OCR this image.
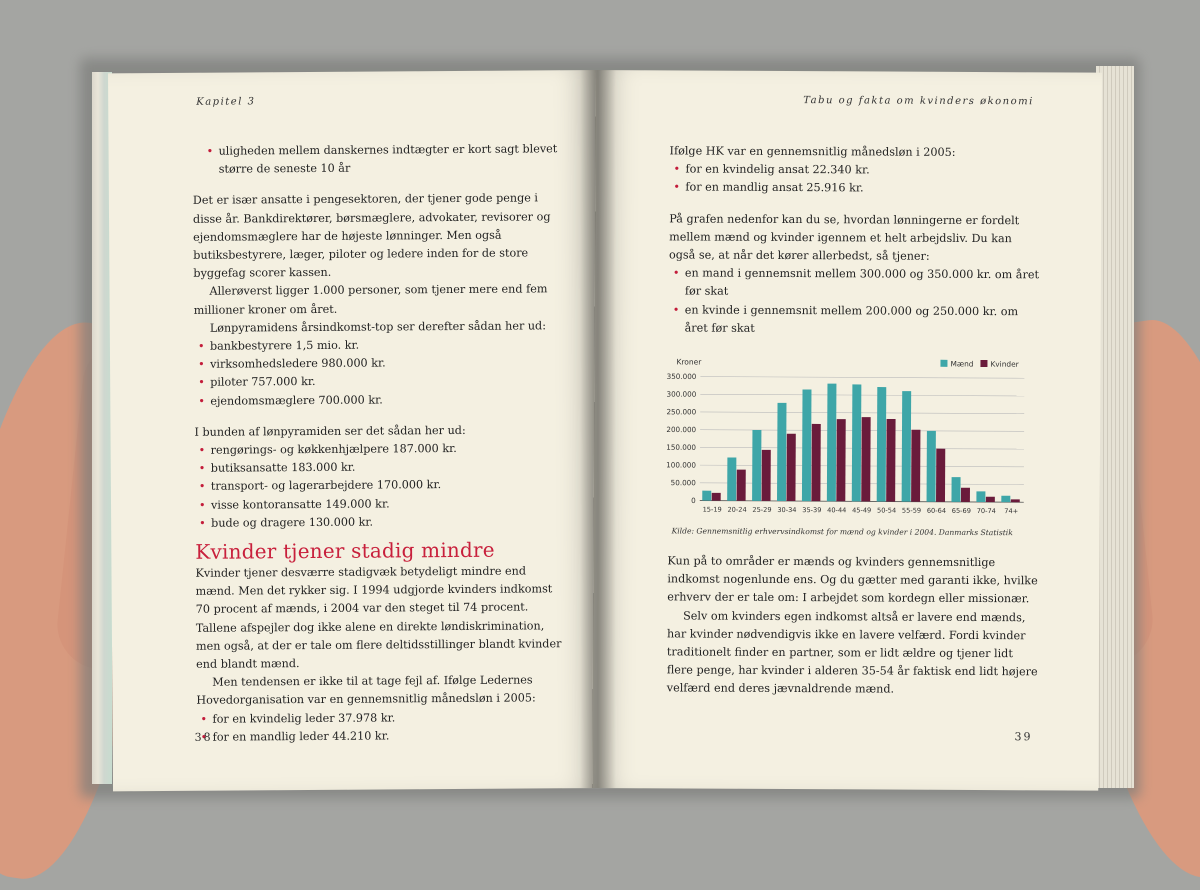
Kapitel 3
• uligheden mellem danskernes indtægter er kort sagt blevet større de seneste 10 år

Det er især ansatte i pengesektoren, der tjener gode penge i disse år. Bankdirektører, børsmæglere, advokater, revisorer og ejendomsmæglere har de højeste lønninger. Men også butiksbestyrere, læger, piloter og ledere inden for de store byggefag scorer kassen.

Allerøverst ligger 1.000 personer, som tjener mere end fem millioner kroner om året.

Lønpyramidens årsindkomst-top ser derefter sådan her ud:

• bankbestyrere 1,5 mio. kr.
• virksomhedsledere 980.000 kr.
• piloter 757.000 kr.
• ejendomsmæglere 700.000 kr.

I bunden af lønpyramiden ser det sådan her ud:

• rengørings- og køkkenhjælpere 187.000 kr.
• butiksansatte 183.000 kr.
• transport- og lagerarbejdere 170.000 kr.
• visse kontoransatte 149.000 kr.
• bude og dragere 130.000 kr.
Kvinder tjener stadig mindre

Kvinder tjener desværre stadigvæk betydeligt mindre end mænd. Men det rykker sig. I 1994 udgjorde kvinders indkomst 70 procent af mænds, i 2004 var den steget til 74 procent. Tallene afspejler dog ikke alene en direkte løndiskrimination, men også, at der er tale om flere deltidsstillinger blandt kvinder end blandt mænd.

Men tendensen er ikke til at tage fejl af. Ifølge Ledernes Hovedorganisation var en gennemsnitlig månedsløn i 2005:

• for en kvindelig leder 37.978 kr.
• for en mandlig leder 44.210 kr.
38
Tabu og fakta om kvinders økonomi

Ifølge HK var en gennemsnitlig månedsløn i 2005:

• for en kvindelig ansat 22.340 kr.
• for en mandlig ansat 25.916 kr.

På grafen nedenfor kan du se, hvordan lønningerne er fordelt mellem mænd og kvinder igennem et helt arbejdsliv. Du kan også se, at når det kører allerbedst, så tjener:

• en mand i gennemsnit mellem 300.000 og 350.000 kr. om året før skat
• en kvinde i gennemsnit mellem 200.000 og 250.000 kr. om året før skat
Kroner
0
50.000
100.000
150.000
200.000
250.000
300.000
350.000
15-19 20-24 25-29 30-34 35-39 40-44 45-49 50-54 55-59 60-64 65-69 70-74 74+
Mænd Kvinder
Kilde: Gennemsnitlig erhvervsindkomst for mænd og kvinder i 2004. Danmarks Statistik

Kun på to områder er mænds og kvinders gennemsnitlige indkomst nogenlunde ens. Og du gætter med garanti ikke, hvilke erhverv der er tale om: I arbejdet som kordegn eller missionær.

Selv om kvinders egen indkomst altså er lavere end mænds, har kvinder nødvendigvis ikke en lavere velfærd. Fordi kvinder traditionelt finder en partner, som er lidt ældre og tjener lidt flere penge, har kvinder i alderen 35-54 år faktisk end lidt højere velfærd end deres jævnaldrende mænd.

39
